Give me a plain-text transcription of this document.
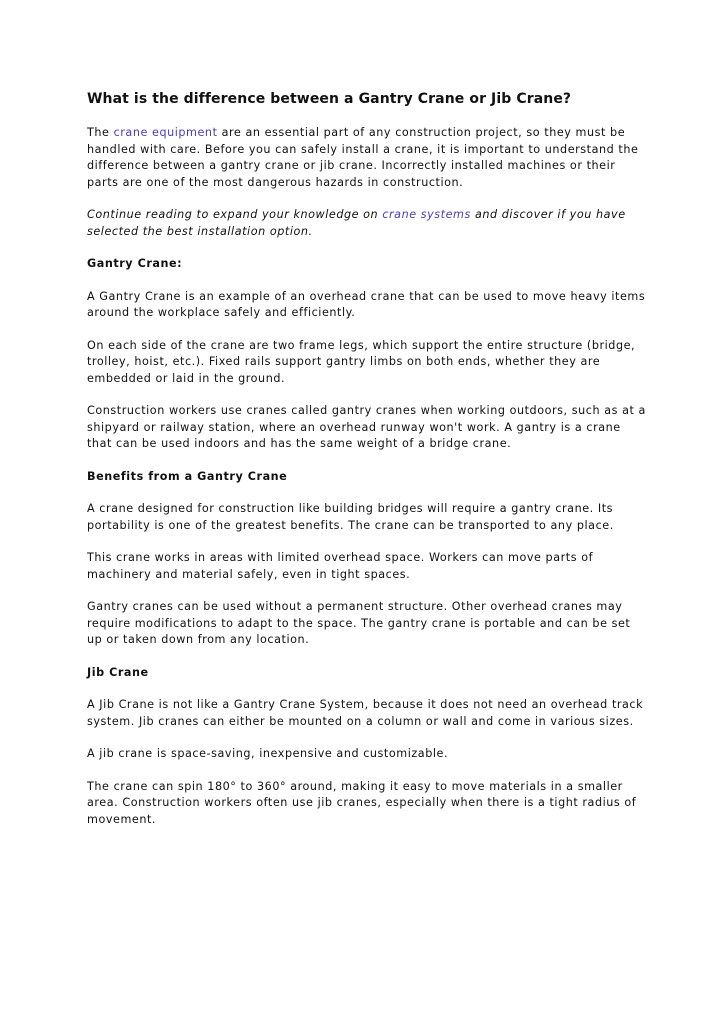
What is the difference between a Gantry Crane or Jib Crane?

The crane equipment are an essential part of any construction project, so they must be handled with care. Before you can safely install a crane, it is important to understand the difference between a gantry crane or jib crane. Incorrectly installed machines or their parts are one of the most dangerous hazards in construction.

Continue reading to expand your knowledge on crane systems and discover if you have selected the best installation option.

Gantry Crane:

A Gantry Crane is an example of an overhead crane that can be used to move heavy items around the workplace safely and efficiently.

On each side of the crane are two frame legs, which support the entire structure (bridge, trolley, hoist, etc.). Fixed rails support gantry limbs on both ends, whether they are embedded or laid in the ground.

Construction workers use cranes called gantry cranes when working outdoors, such as at a shipyard or railway station, where an overhead runway won't work. A gantry is a crane that can be used indoors and has the same weight of a bridge crane.

Benefits from a Gantry Crane

A crane designed for construction like building bridges will require a gantry crane. Its portability is one of the greatest benefits. The crane can be transported to any place.

This crane works in areas with limited overhead space. Workers can move parts of machinery and material safely, even in tight spaces.

Gantry cranes can be used without a permanent structure. Other overhead cranes may require modifications to adapt to the space. The gantry crane is portable and can be set up or taken down from any location.

Jib Crane

A Jib Crane is not like a Gantry Crane System, because it does not need an overhead track system. Jib cranes can either be mounted on a column or wall and come in various sizes.

A jib crane is space-saving, inexpensive and customizable.

The crane can spin 180° to 360° around, making it easy to move materials in a smaller area. Construction workers often use jib cranes, especially when there is a tight radius of movement.
